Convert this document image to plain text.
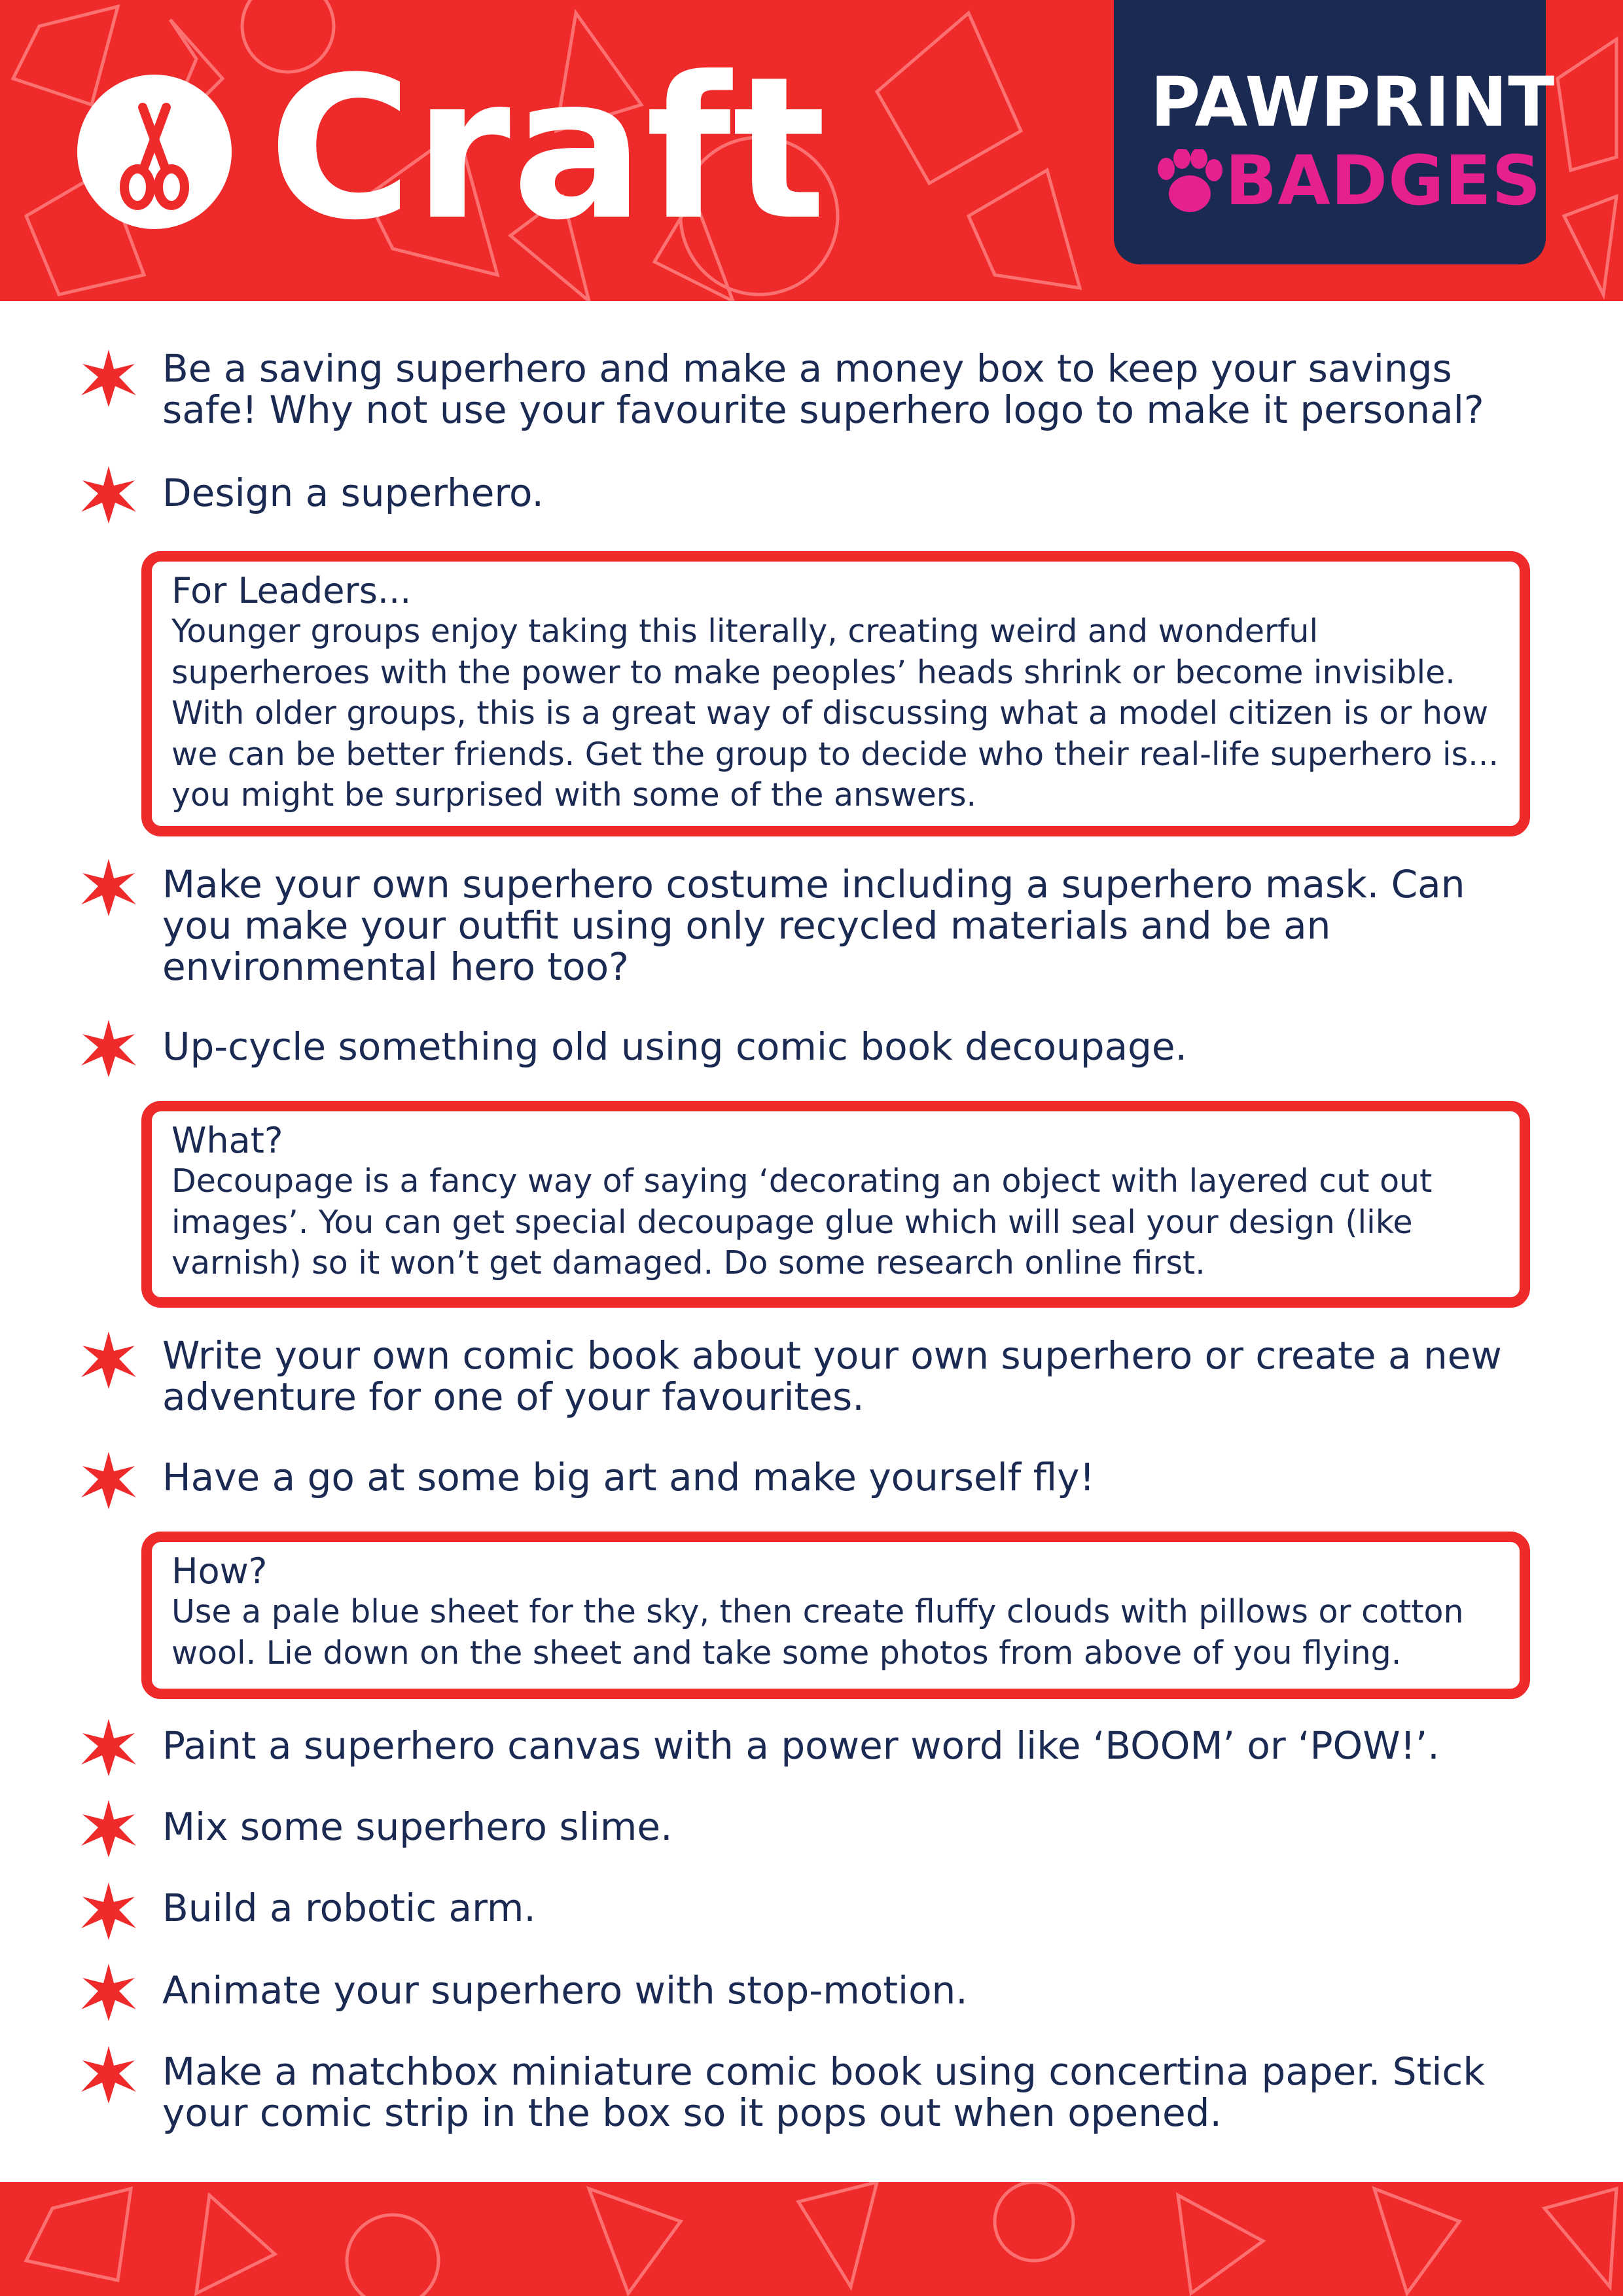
Craft	PAWPRINT
BADGES
Be a saving superhero and make a money box to keep your savings safe! Why not use your favourite superhero logo to make it personal?
Design a superhero.
For Leaders...
Younger groups enjoy taking this literally, creating weird and wonderful superheroes with the power to make peoples’ heads shrink or become invisible. With older groups, this is a great way of discussing what a model citizen is or how we can be better friends. Get the group to decide who their real-life superhero is... you might be surprised with some of the answers.
Make your own superhero costume including a superhero mask. Can you make your outfit using only recycled materials and be an environmental hero too?
Up-cycle something old using comic book decoupage.
What?
Decoupage is a fancy way of saying ‘decorating an object with layered cut out images’. You can get special decoupage glue which will seal your design (like varnish) so it won’t get damaged. Do some research online first.
Write your own comic book about your own superhero or create a new adventure for one of your favourites.
Have a go at some big art and make yourself fly!
How?
Use a pale blue sheet for the sky, then create fluffy clouds with pillows or cotton wool. Lie down on the sheet and take some photos from above of you flying.
Paint a superhero canvas with a power word like ‘BOOM’ or ‘POW!’.
Mix some superhero slime.
Build a robotic arm.
Animate your superhero with stop-motion.
Make a matchbox miniature comic book using concertina paper. Stick your comic strip in the box so it pops out when opened.
